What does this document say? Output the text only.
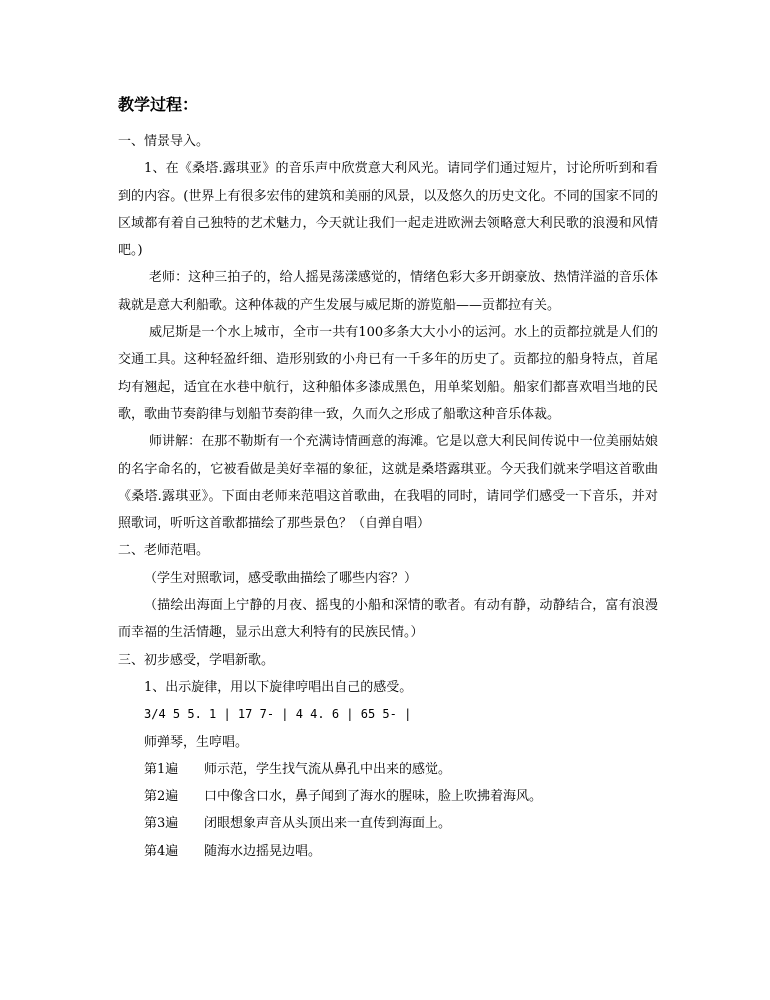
教学过程：

一、情景导入。

1、在《桑塔.露琪亚》的音乐声中欣赏意大利风光。请同学们通过短片，讨论所听到和看到的内容。(世界上有很多宏伟的建筑和美丽的风景，以及悠久的历史文化。不同的国家不同的区域都有着自己独特的艺术魅力，今天就让我们一起走进欧洲去领略意大利民歌的浪漫和风情吧。)

老师：这种三拍子的，给人摇晃荡漾感觉的，情绪色彩大多开朗豪放、热情洋溢的音乐体裁就是意大利船歌。这种体裁的产生发展与威尼斯的游览船——贡都拉有关。

威尼斯是一个水上城市，全市一共有100多条大大小小的运河。水上的贡都拉就是人们的交通工具。这种轻盈纤细、造形别致的小舟已有一千多年的历史了。贡都拉的船身特点，首尾均有翘起，适宜在水巷中航行，这种船体多漆成黑色，用单桨划船。船家们都喜欢唱当地的民歌，歌曲节奏韵律与划船节奏韵律一致，久而久之形成了船歌这种音乐体裁。

师讲解：在那不勒斯有一个充满诗情画意的海滩。它是以意大利民间传说中一位美丽姑娘的名字命名的，它被看做是美好幸福的象征，这就是桑塔露琪亚。今天我们就来学唱这首歌曲《桑塔.露琪亚》。下面由老师来范唱这首歌曲，在我唱的同时，请同学们感受一下音乐，并对照歌词，听听这首歌都描绘了那些景色？（自弹自唱）

二、老师范唱。

（学生对照歌词，感受歌曲描绘了哪些内容？）

（描绘出海面上宁静的月夜、摇曳的小船和深情的歌者。有动有静，动静结合，富有浪漫而幸福的生活情趣，显示出意大利特有的民族民情。）

三、初步感受，学唱新歌。

1、出示旋律，用以下旋律哼唱出自己的感受。

3/4 5 5. 1 | 17 7- | 4 4. 6 | 65 5- |

师弹琴，生哼唱。

第1遍	师示范，学生找气流从鼻孔中出来的感觉。
第2遍	口中像含口水，鼻子闻到了海水的腥味，脸上吹拂着海风。
第3遍	闭眼想象声音从头顶出来一直传到海面上。
第4遍	随海水边摇晃边唱。
